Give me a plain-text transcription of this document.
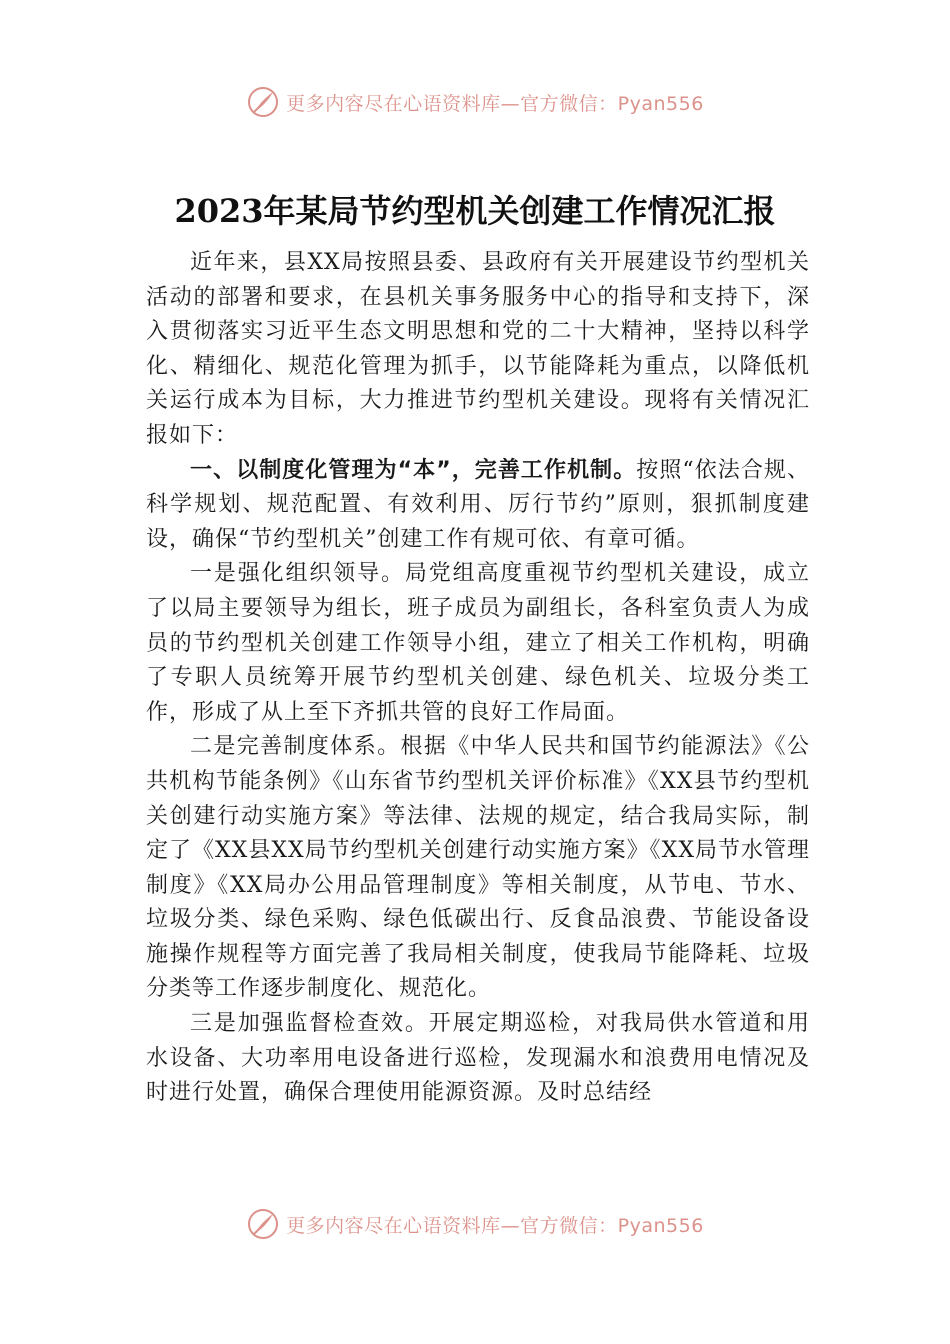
更多内容尽在心语资料库—官方微信：Pyan556
2023年某局节约型机关创建工作情况汇报

近年来，县XX局按照县委、县政府有关开展建设节约型机关活动的部署和要求，在县机关事务服务中心的指导和支持下，深入贯彻落实习近平生态文明思想和党的二十大精神，坚持以科学化、精细化、规范化管理为抓手，以节能降耗为重点，以降低机关运行成本为目标，大力推进节约型机关建设。现将有关情况汇报如下：

一、以制度化管理为“本”，完善工作机制。按照“依法合规、科学规划、规范配置、有效利用、厉行节约”原则，狠抓制度建设，确保“节约型机关”创建工作有规可依、有章可循。

一是强化组织领导。局党组高度重视节约型机关建设，成立了以局主要领导为组长，班子成员为副组长，各科室负责人为成员的节约型机关创建工作领导小组，建立了相关工作机构，明确了专职人员统筹开展节约型机关创建、绿色机关、垃圾分类工作，形成了从上至下齐抓共管的良好工作局面。

二是完善制度体系。根据《中华人民共和国节约能源法》《公共机构节能条例》《山东省节约型机关评价标准》《XX县节约型机关创建行动实施方案》等法律、法规的规定，结合我局实际，制定了《XX县XX局节约型机关创建行动实施方案》《XX局节水管理制度》《XX局办公用品管理制度》等相关制度，从节电、节水、垃圾分类、绿色采购、绿色低碳出行、反食品浪费、节能设备设施操作规程等方面完善了我局相关制度，使我局节能降耗、垃圾分类等工作逐步制度化、规范化。

三是加强监督检查效。开展定期巡检，对我局供水管道和用水设备、大功率用电设备进行巡检，发现漏水和浪费用电情况及时进行处置，确保合理使用能源资源。及时总结经

更多内容尽在心语资料库—官方微信：Pyan556
